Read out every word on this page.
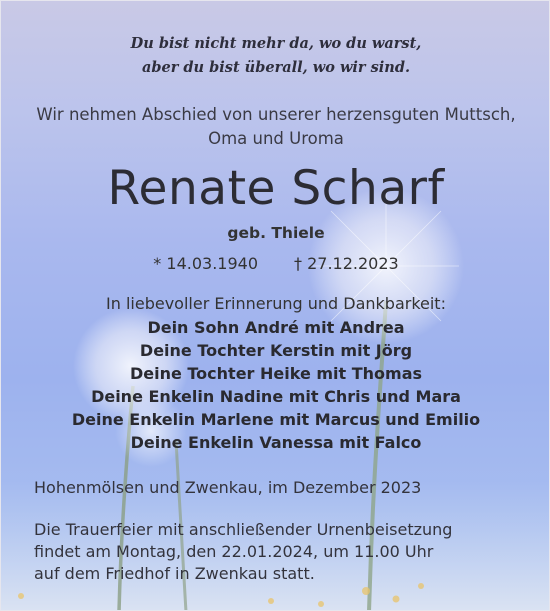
Du bist nicht mehr da, wo du warst,
aber du bist überall, wo wir sind.
Wir nehmen Abschied von unserer herzensguten Muttsch,
Oma und Uroma
Renate Scharf
geb. Thiele
* 14.03.1940 † 27.12.2023
In liebevoller Erinnerung und Dankbarkeit:
Dein Sohn André mit Andrea
Deine Tochter Kerstin mit Jörg
Deine Tochter Heike mit Thomas
Deine Enkelin Nadine mit Chris und Mara
Deine Enkelin Marlene mit Marcus und Emilio
Deine Enkelin Vanessa mit Falco
Hohenmölsen und Zwenkau, im Dezember 2023
Die Trauerfeier mit anschließender Urnenbeisetzung
findet am Montag, den 22.01.2024, um 11.00 Uhr
auf dem Friedhof in Zwenkau statt.
